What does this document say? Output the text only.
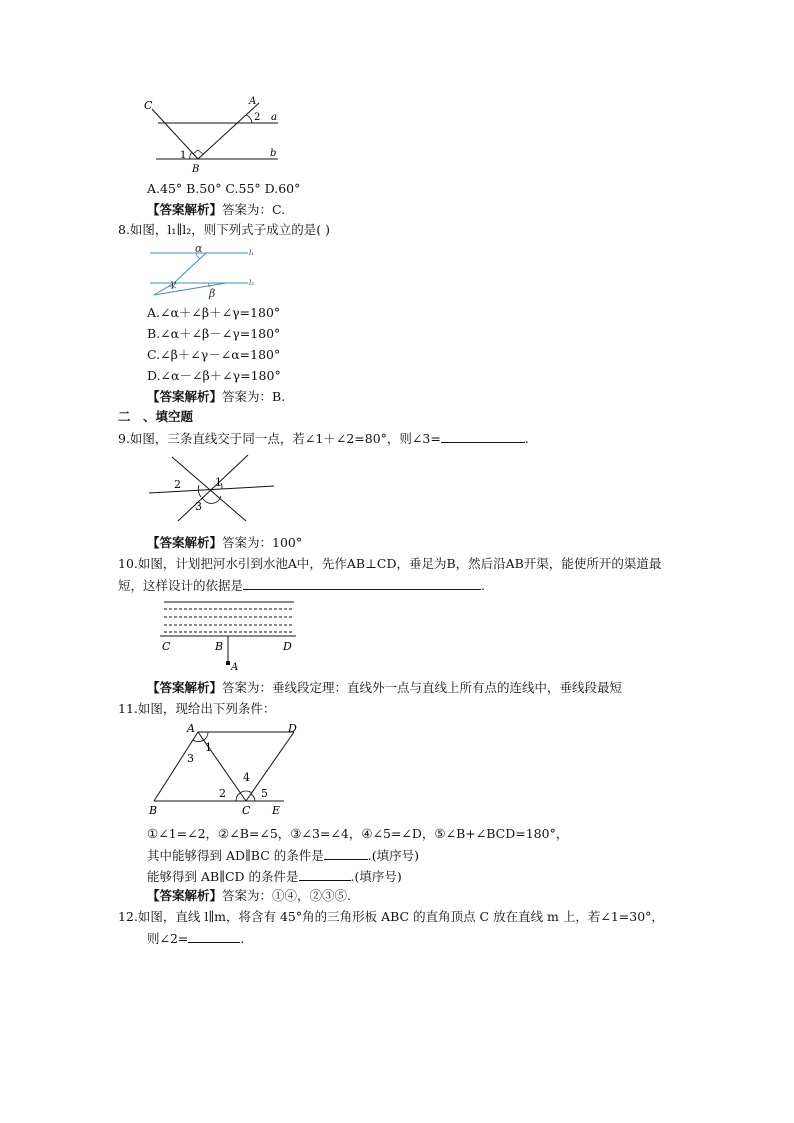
C	A
2 a
b
1
B
A.45° B.50° C.55° D.60°
【答案解析】答案为：C.
8.如图，l₁∥l₂，则下列式子成立的是( )
α	l₁
l₂
γ
β
A.∠α＋∠β＋∠γ=180°
B.∠α＋∠β－∠γ=180°
C.∠β＋∠γ－∠α=180°
D.∠α－∠β＋∠γ=180°
【答案解析】答案为：B.
二　、填空题
9.如图，三条直线交于同一点，若∠1＋∠2=80°，则∠3=	.
2	1
3
【答案解析】答案为：100°
10.如图，计划把河水引到水池A中，先作AB⊥CD，垂足为B，然后沿AB开渠，能使所开的渠道最
短，这样设计的依据是	.
C	B	D
A
【答案解析】答案为：垂线段定理：直线外一点与直线上所有点的连线中，垂线段最短
11.如图，现给出下列条件：
A	D
1
3
4
2	5
B	C E
①∠1=∠2，②∠B=∠5，③∠3=∠4，④∠5=∠D，⑤∠B+∠BCD=180°，
其中能够得到 AD∥BC 的条件是	.(填序号)
能够得到 AB∥CD 的条件是	.(填序号)
【答案解析】答案为：①④，②③⑤.
12.如图，直线 l∥m，将含有 45°角的三角形板 ABC 的直角顶点 C 放在直线 m 上，若∠1=30°，
则∠2=	.
